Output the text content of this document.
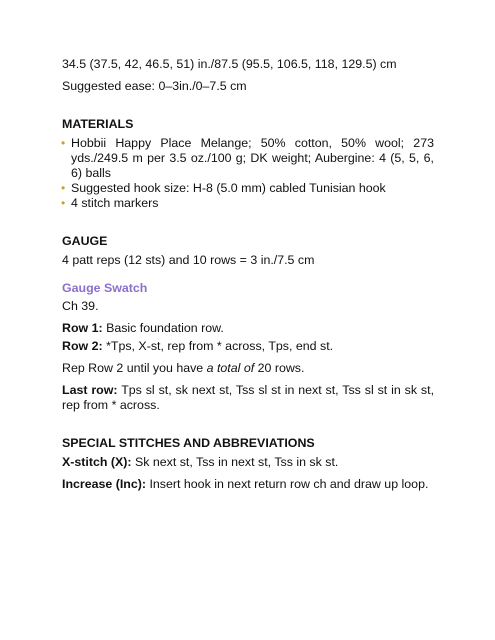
34.5 (37.5, 42, 46.5, 51) in./87.5 (95.5, 106.5, 118, 129.5) cm

Suggested ease: 0–3in./0–7.5 cm

MATERIALS

• Hobbii Happy Place Melange; 50% cotton, 50% wool; 273 yds./249.5 m per 3.5 oz./100 g; DK weight; Aubergine: 4 (5, 5, 6, 6) balls
• Suggested hook size: H-8 (5.0 mm) cabled Tunisian hook
• 4 stitch markers

GAUGE

4 patt reps (12 sts) and 10 rows = 3 in./7.5 cm

Gauge Swatch

Ch 39.

Row 1: Basic foundation row.

Row 2: *Tps, X-st, rep from * across, Tps, end st.

Rep Row 2 until you have a total of 20 rows.

Last row: Tps sl st, sk next st, Tss sl st in next st, Tss sl st in sk st, rep from * across.

SPECIAL STITCHES AND ABBREVIATIONS

X-stitch (X): Sk next st, Tss in next st, Tss in sk st.

Increase (Inc): Insert hook in next return row ch and draw up loop.
